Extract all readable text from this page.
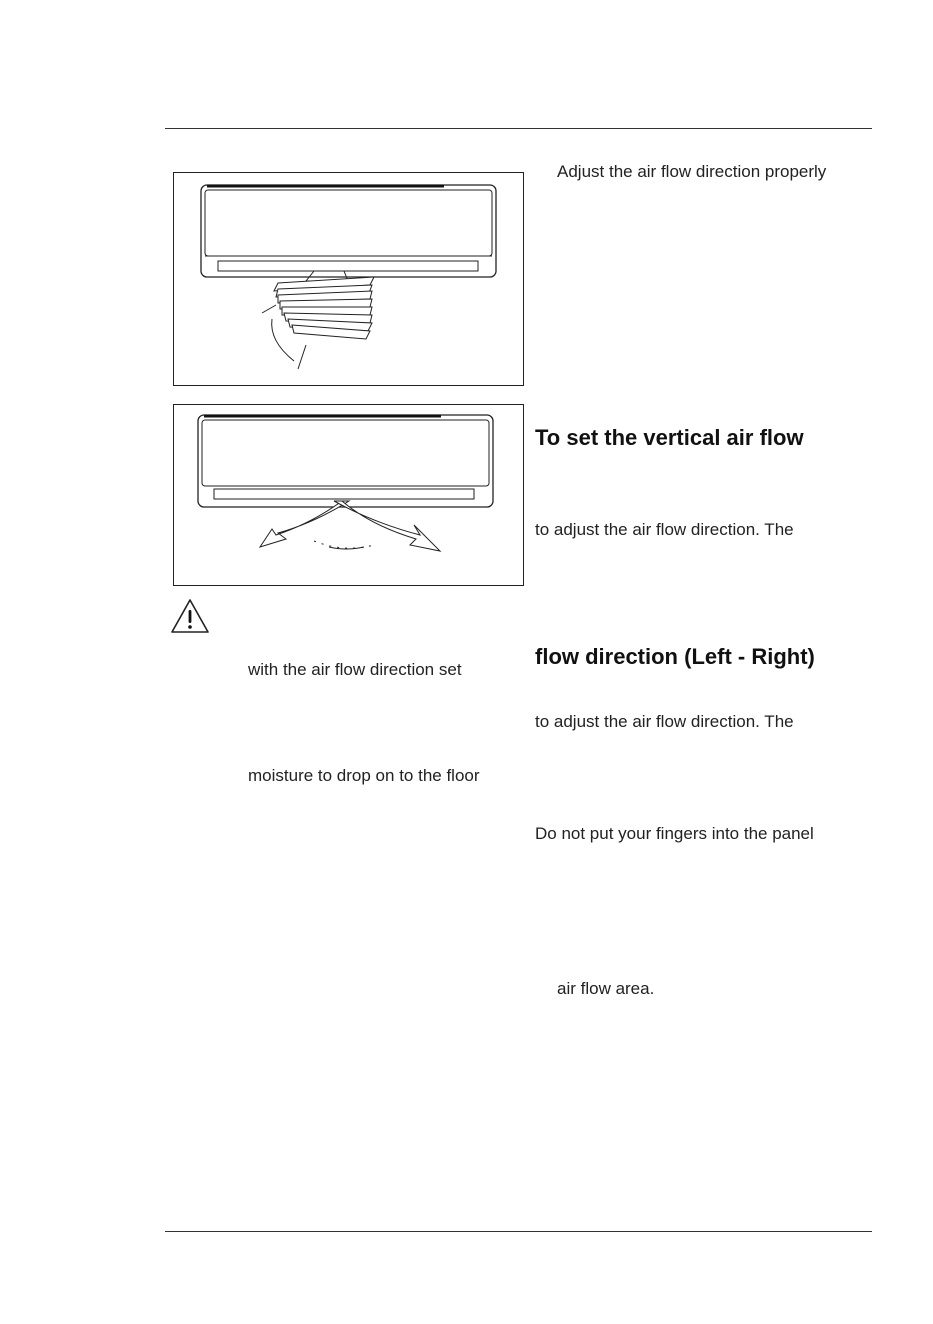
with the air flow direction set
moisture to drop on to the floor
Adjust the air flow direction properly
To set the vertical air flow
to adjust the air flow direction. The
flow direction (Left - Right)
to adjust the air flow direction. The
Do not put your fingers into the panel
air flow area.
